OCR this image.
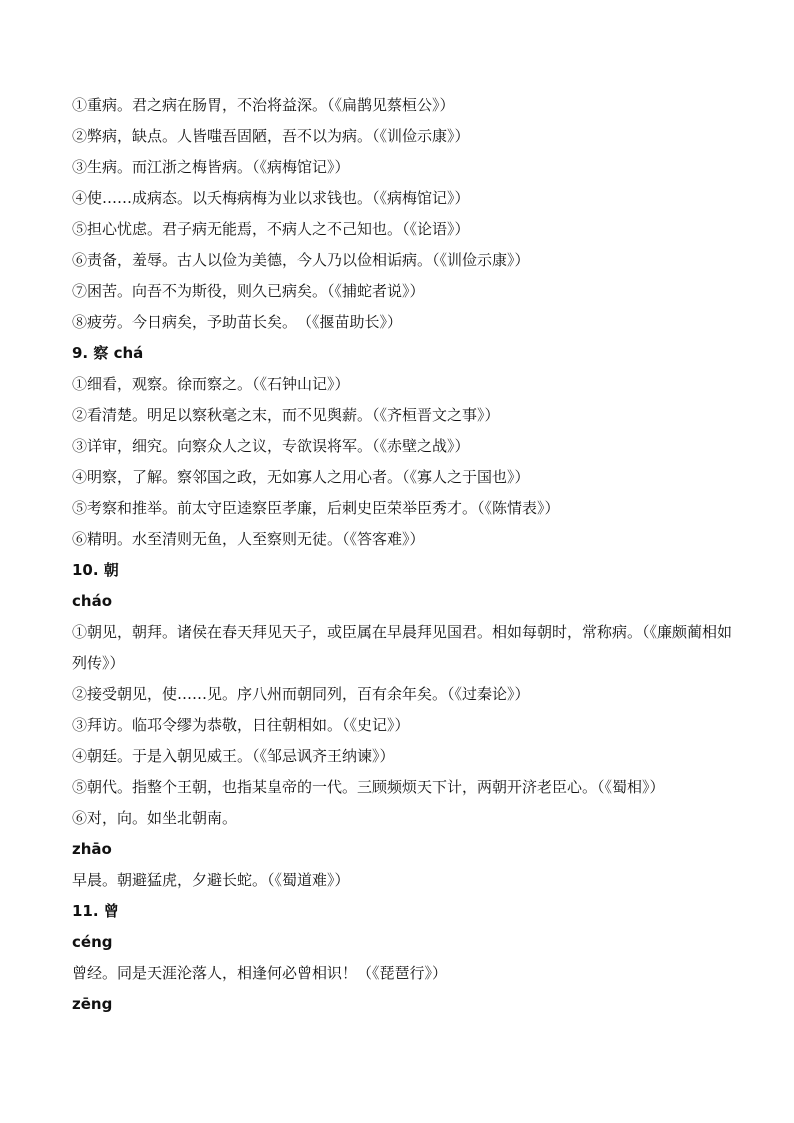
①重病。君之病在肠胃，不治将益深。（《扁鹊见蔡桓公》）
②弊病，缺点。人皆嗤吾固陋，吾不以为病。（《训俭示康》）
③生病。而江浙之梅皆病。（《病梅馆记》）
④使……成病态。以夭梅病梅为业以求钱也。（《病梅馆记》）
⑤担心忧虑。君子病无能焉，不病人之不己知也。（《论语》）
⑥责备，羞辱。古人以俭为美德，今人乃以俭相诟病。（《训俭示康》）
⑦困苦。向吾不为斯役，则久已病矣。（《捕蛇者说》）
⑧疲劳。今日病矣，予助苗长矣。　（《揠苗助长》）
9. 察 chá
①细看，观察。徐而察之。（《石钟山记》）
②看清楚。明足以察秋毫之末，而不见舆薪。（《齐桓晋文之事》）
③详审，细究。向察众人之议，专欲误将军。（《赤壁之战》）
④明察，了解。察邻国之政，无如寡人之用心者。（《寡人之于国也》）
⑤考察和推举。前太守臣逵察臣孝廉，后刺史臣荣举臣秀才。（《陈情表》）
⑥精明。水至清则无鱼，人至察则无徒。（《答客难》）
10. 朝
cháo
①朝见，朝拜。诸侯在春天拜见天子，或臣属在早晨拜见国君。相如每朝时，常称病。（《廉颇蔺相如列传》）
②接受朝见，使……见。序八州而朝同列，百有余年矣。（《过秦论》）
③拜访。临邛令缪为恭敬，日往朝相如。（《史记》）
④朝廷。于是入朝见威王。（《邹忌讽齐王纳谏》）
⑤朝代。指整个王朝，也指某皇帝的一代。三顾频烦天下计，两朝开济老臣心。（《蜀相》）
⑥对，向。如坐北朝南。
zhāo
早晨。朝避猛虎，夕避长蛇。（《蜀道难》）
11. 曾
céng
曾经。同是天涯沦落人，相逢何必曾相识！（《琵琶行》）
zēng
